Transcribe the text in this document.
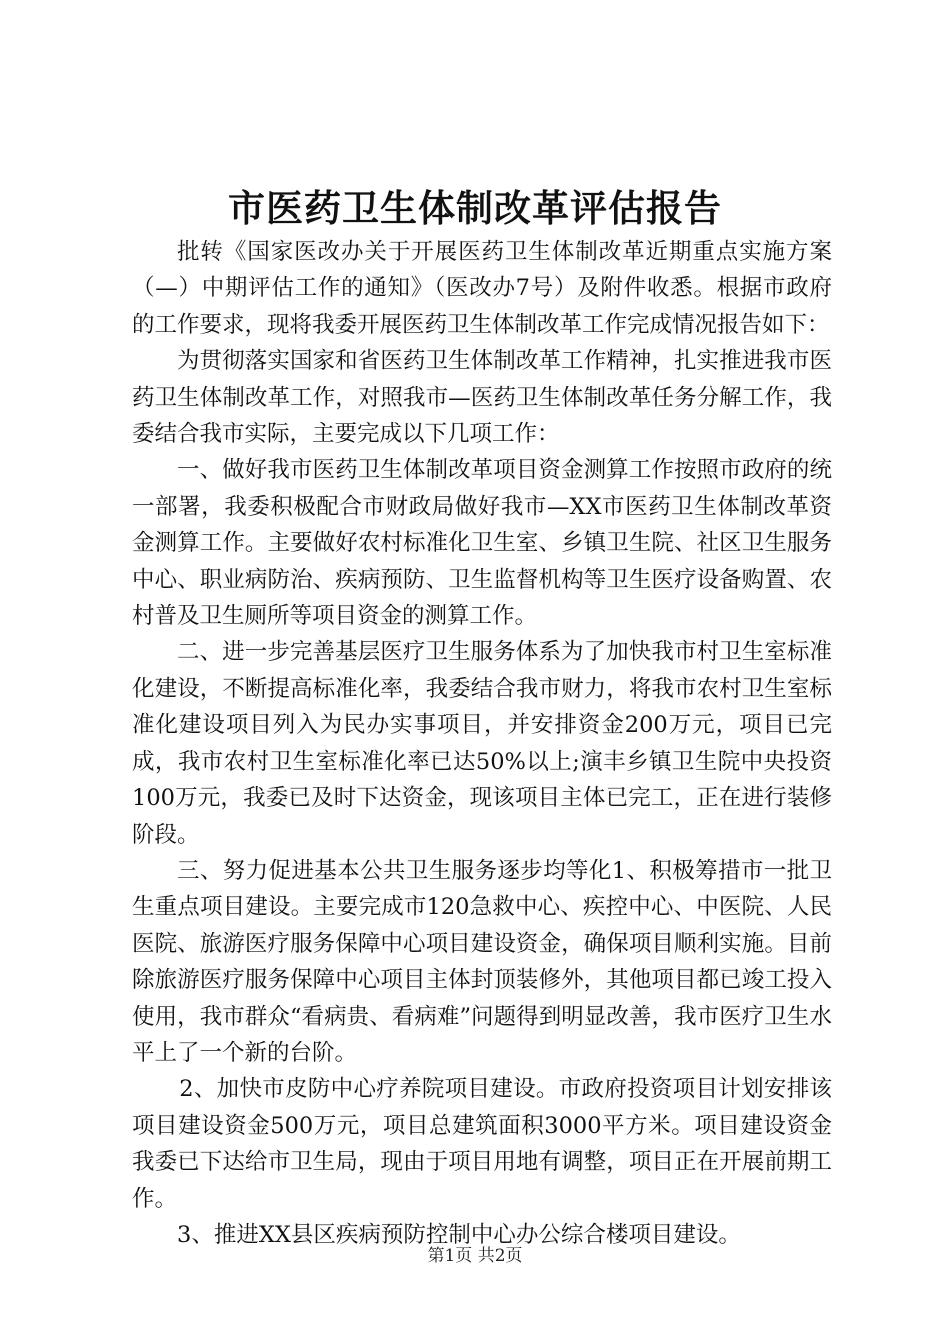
市医药卫生体制改革评估报告

批转《国家医改办关于开展医药卫生体制改革近期重点实施方案（—）中期评估工作的通知》（医改办7号）及附件收悉。根据市政府的工作要求，现将我委开展医药卫生体制改革工作完成情况报告如下：

为贯彻落实国家和省医药卫生体制改革工作精神，扎实推进我市医药卫生体制改革工作，对照我市—医药卫生体制改革任务分解工作，我委结合我市实际，主要完成以下几项工作：

一、做好我市医药卫生体制改革项目资金测算工作按照市政府的统一部署，我委积极配合市财政局做好我市—XX市医药卫生体制改革资金测算工作。主要做好农村标准化卫生室、乡镇卫生院、社区卫生服务中心、职业病防治、疾病预防、卫生监督机构等卫生医疗设备购置、农村普及卫生厕所等项目资金的测算工作。

二、进一步完善基层医疗卫生服务体系为了加快我市村卫生室标准化建设，不断提高标准化率，我委结合我市财力，将我市农村卫生室标准化建设项目列入为民办实事项目，并安排资金200万元，项目已完成，我市农村卫生室标准化率已达50%以上;演丰乡镇卫生院中央投资100万元，我委已及时下达资金，现该项目主体已完工，正在进行装修阶段。

三、努力促进基本公共卫生服务逐步均等化1、积极筹措市一批卫生重点项目建设。主要完成市120急救中心、疾控中心、中医院、人民医院、旅游医疗服务保障中心项目建设资金，确保项目顺利实施。目前除旅游医疗服务保障中心项目主体封顶装修外，其他项目都已竣工投入使用，我市群众“看病贵、看病难”问题得到明显改善，我市医疗卫生水平上了一个新的台阶。

2、加快市皮防中心疗养院项目建设。市政府投资项目计划安排该项目建设资金500万元，项目总建筑面积3000平方米。项目建设资金我委已下达给市卫生局，现由于项目用地有调整，项目正在开展前期工作。

3、推进XX县区疾病预防控制中心办公综合楼项目建设。

第1页 共2页
